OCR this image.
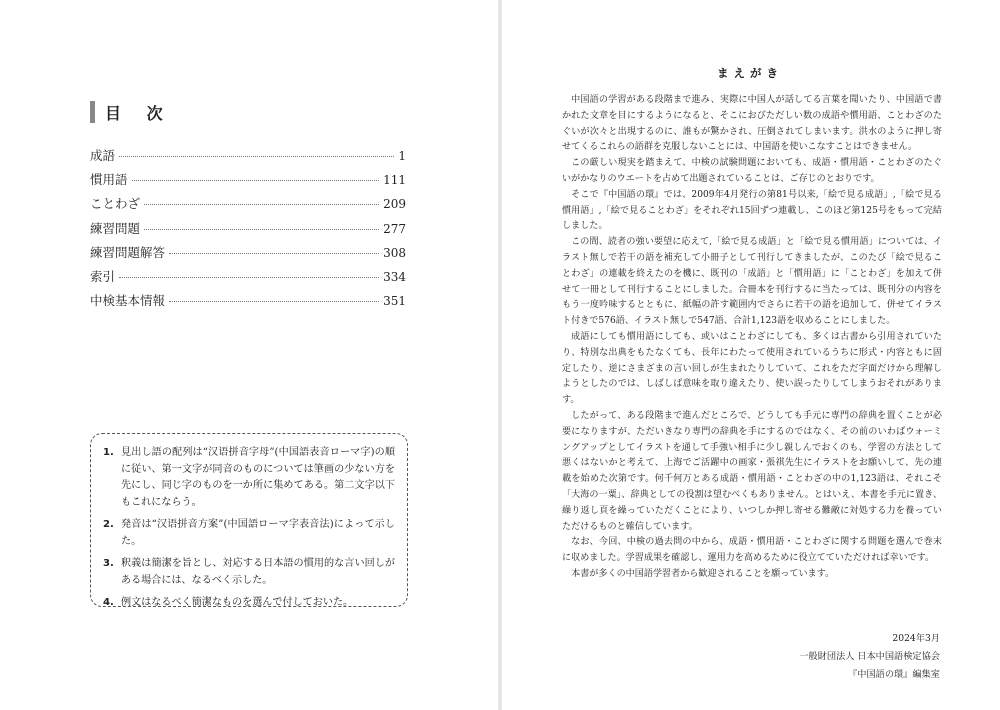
目 次
成語	1
慣用語	111
ことわざ	209
練習問題	277
練習問題解答	308
索引	334
中検基本情報	351
1. 見出し語の配列は“汉语拼音字母”(中国語表音ローマ字)の順に従い、第一文字が同音のものについては筆画の少ない方を先にし、同じ字のものを一か所に集めてある。第二文字以下もこれにならう。
2. 発音は“汉语拼音方案”(中国語ローマ字表音法)によって示した。
3. 釈義は簡潔を旨とし、対応する日本語の慣用的な言い回しがある場合には、なるべく示した。
4. 例文はなるべく簡潔なものを選んで付しておいた。
まえがき

中国語の学習がある段階まで進み、実際に中国人が話してる言葉を聞いたり、中国語で書かれた文章を目にするようになると、そこにおびただしい数の成語や慣用語、ことわざのたぐいが次々と出現するのに、誰もが驚かされ、圧倒されてしまいます。洪水のように押し寄せてくるこれらの語群を克服しないことには、中国語を使いこなすことはできません。

この厳しい現実を踏まえて、中検の試験問題においても、成語・慣用語・ことわざのたぐいがかなりのウエートを占めて出題されていることは、ご存じのとおりです。

そこで『中国語の環』では、2009年4月発行の第81号以来,「絵で見る成語」,「絵で見る慣用語」,「絵で見ることわざ」をそれぞれ15回ずつ連載し、このほど第125号をもって完結しました。

この間、読者の強い要望に応えて,「絵で見る成語」と「絵で見る慣用語」については、イラスト無しで若干の語を補充して小冊子として刊行してきましたが、このたび「絵で見ることわざ」の連載を終えたのを機に、既刊の「成語」と「慣用語」に「ことわざ」を加えて併せて一冊として刊行することにしました。合冊本を刊行するに当たっては、既刊分の内容をもう一度吟味するとともに、紙幅の許す範囲内でさらに若干の語を追加して、併せてイラスト付きで576語、イラスト無しで547語、合計1,123語を収めることにしました。

成語にしても慣用語にしても、或いはことわざにしても、多くは古書から引用されていたり、特別な出典をもたなくても、長年にわたって使用されているうちに形式・内容ともに固定したり、逆にさまざまの言い回しが生まれたりしていて、これをただ字面だけから理解しようとしたのでは、しばしば意味を取り違えたり、使い誤ったりしてしまうおそれがあります。

したがって、ある段階まで進んだところで、どうしても手元に専門の辞典を置くことが必要になりますが、ただいきなり専門の辞典を手にするのではなく、その前のいわばウォーミングアップとしてイラストを通して手強い相手に少し親しんでおくのも、学習の方法として悪くはないかと考えて、上海でご活躍中の画家・張祺先生にイラストをお願いして、先の連載を始めた次第です。何千何万とある成語・慣用語・ことわざの中の1,123語は、それこそ「大海の一粟」、辞典としての役割は望むべくもありません。とはいえ、本書を手元に置き、繰り返し頁を繰っていただくことにより、いつしか押し寄せる難敵に対処する力を養っていただけるものと確信しています。

なお、今回、中検の過去問の中から、成語・慣用語・ことわざに関する問題を選んで巻末に収めました。学習成果を確認し、運用力を高めるために役立てていただければ幸いです。

本書が多くの中国語学習者から歓迎されることを願っています。

2024年3月
一般財団法人 日本中国語検定協会
『中国語の環』編集室
